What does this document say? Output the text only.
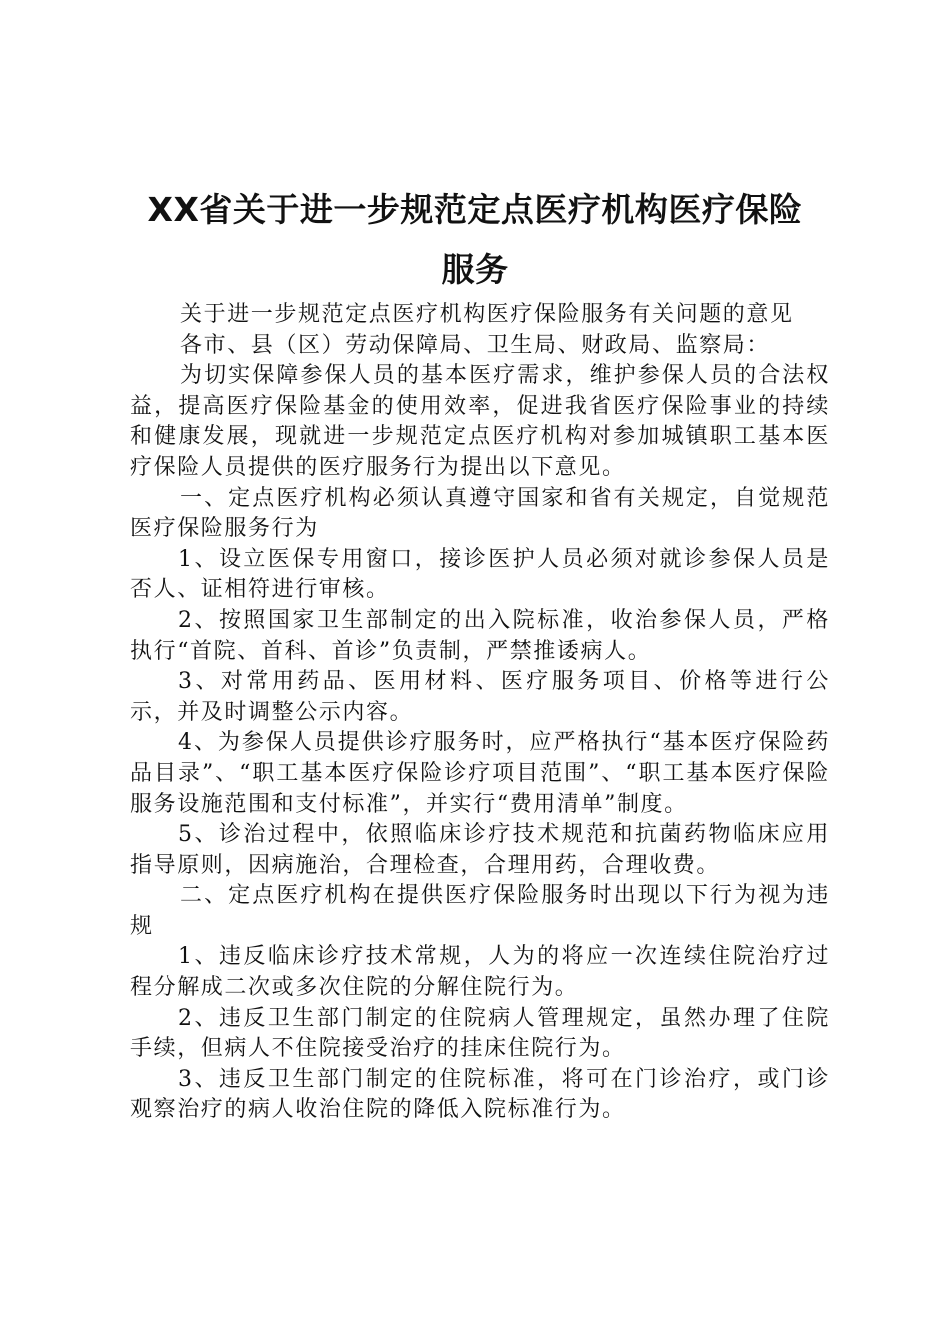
XX省关于进一步规范定点医疗机构医疗保险
服务

关于进一步规范定点医疗机构医疗保险服务有关问题的意见

各市、县（区）劳动保障局、卫生局、财政局、监察局：

为切实保障参保人员的基本医疗需求，维护参保人员的合法权益，提高医疗保险基金的使用效率，促进我省医疗保险事业的持续和健康发展，现就进一步规范定点医疗机构对参加城镇职工基本医疗保险人员提供的医疗服务行为提出以下意见。

一、定点医疗机构必须认真遵守国家和省有关规定，自觉规范医疗保险服务行为

1、设立医保专用窗口，接诊医护人员必须对就诊参保人员是否人、证相符进行审核。

2、按照国家卫生部制定的出入院标准，收治参保人员，严格执行“首院、首科、首诊”负责制，严禁推诿病人。

3、对常用药品、医用材料、医疗服务项目、价格等进行公示，并及时调整公示内容。

4、为参保人员提供诊疗服务时，应严格执行“基本医疗保险药品目录”、“职工基本医疗保险诊疗项目范围”、“职工基本医疗保险服务设施范围和支付标准”，并实行“费用清单”制度。

5、诊治过程中，依照临床诊疗技术规范和抗菌药物临床应用指导原则，因病施治，合理检查，合理用药，合理收费。

二、定点医疗机构在提供医疗保险服务时出现以下行为视为违规

1、违反临床诊疗技术常规，人为的将应一次连续住院治疗过程分解成二次或多次住院的分解住院行为。

2、违反卫生部门制定的住院病人管理规定，虽然办理了住院手续，但病人不住院接受治疗的挂床住院行为。

3、违反卫生部门制定的住院标准，将可在门诊治疗，或门诊观察治疗的病人收治住院的降低入院标准行为。
